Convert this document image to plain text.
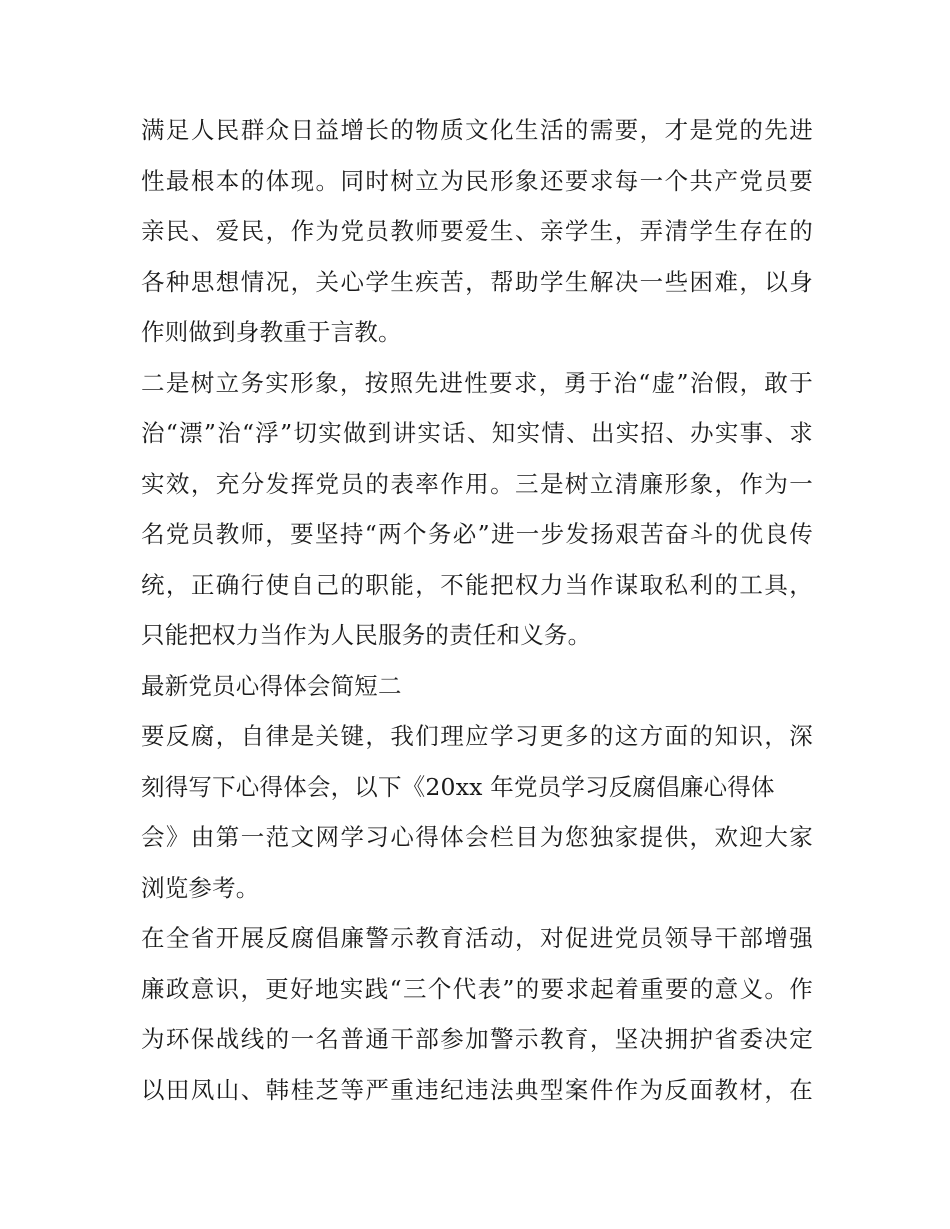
满足人民群众日益增长的物质文化生活的需要，才是党的先进
性最根本的体现。同时树立为民形象还要求每一个共产党员要
亲民、爱民，作为党员教师要爱生、亲学生，弄清学生存在的
各种思想情况，关心学生疾苦，帮助学生解决一些困难，以身
作则做到身教重于言教。
二是树立务实形象，按照先进性要求，勇于治“虚”治假，敢于
治“漂”治“浮”切实做到讲实话、知实情、出实招、办实事、求
实效，充分发挥党员的表率作用。三是树立清廉形象，作为一
名党员教师，要坚持“两个务必”进一步发扬艰苦奋斗的优良传
统，正确行使自己的职能，不能把权力当作谋取私利的工具，
只能把权力当作为人民服务的责任和义务。
最新党员心得体会简短二
要反腐，自律是关键，我们理应学习更多的这方面的知识，深
刻得写下心得体会，以下《20xx 年党员学习反腐倡廉心得体
会》由第一范文网学习心得体会栏目为您独家提供，欢迎大家
浏览参考。
在全省开展反腐倡廉警示教育活动，对促进党员领导干部增强
廉政意识，更好地实践“三个代表”的要求起着重要的意义。作
为环保战线的一名普通干部参加警示教育，坚决拥护省委决定
以田凤山、韩桂芝等严重违纪违法典型案件作为反面教材，在
